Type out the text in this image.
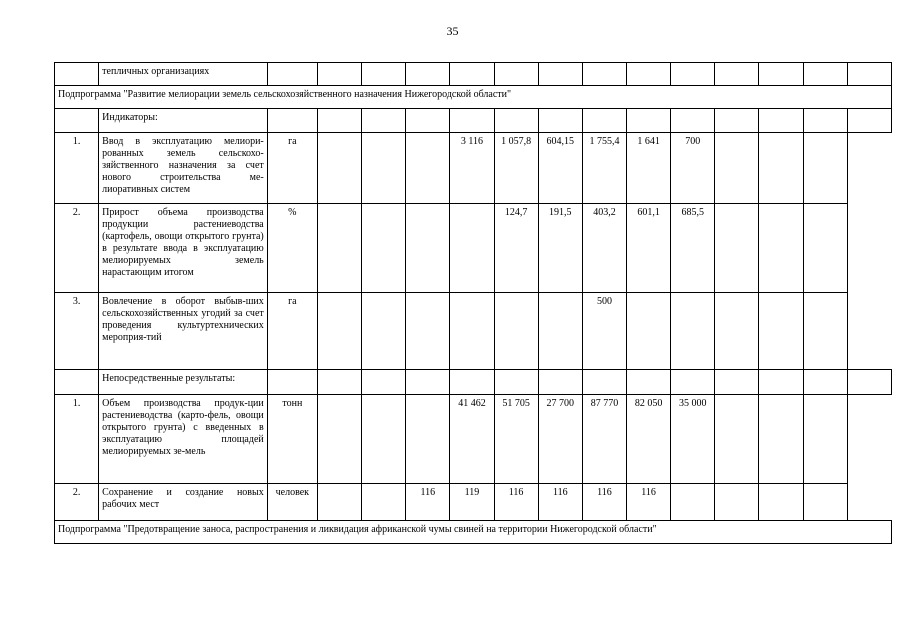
35
	тепличных организациях														
Подпрограмма "Развитие мелиорации земель сельскохозяйственного назначения Нижегородской области"															
	Индикаторы:														
1.	Ввод в эксплуатацию мелиори-рованных земель сельскохо-зяйственного назначения за счет нового строительства ме-лиоративных систем	га				3 116	1 057,8	604,15	1 755,4	1 641	700				
2.	Прирост объема производства продукции растениеводства (картофель, овощи открытого грунта) в результате ввода в эксплуатацию мелиорируемых земель нарастающим итогом	%					124,7	191,5	403,2	601,1	685,5				
3.	Вовлечение в оборот выбыв-ших сельскохозяйственных угодий за счет проведения культуртехнических мероприя-тий	га							500						
	Непосредственные результаты:														
1.	Объем производства продук-ции растениеводства (карто-фель, овощи открытого грунта) с введенных в эксплуатацию площадей мелиорируемых зе-мель	тонн				41 462	51 705	27 700	87 770	82 050	35 000				
2.	Сохранение и создание новых рабочих мест	человек			116	119	116	116	116	116					
Подпрограмма "Предотвращение заноса, распространения и ликвидация африканской чумы свиней на территории Нижегородской области"															
